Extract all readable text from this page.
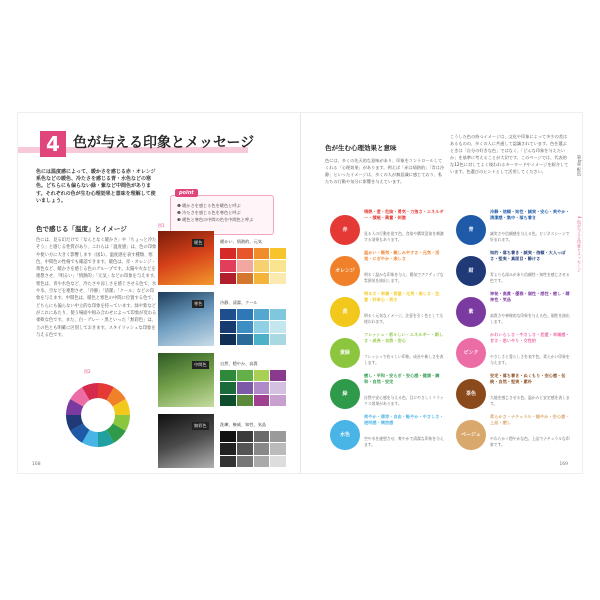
4 色が与える印象とメッセージ
色には温度感によって、暖かさを感じる赤・オレンジ系色などの暖色、冷たさを感じる青・水色などの寒色。どちらにも偏らない緑・紫など中間色があります。それぞれの色が生む心理効果と意味を理解して使いましょう。
point
❶ 暖かさを感じる色を暖色と呼ぶ
❷ 冷たさを感じる色を寒色と呼ぶ
❸ 暖色と寒色の中間の色を中間色と呼ぶ
色で感じる「温度」とイメージ
色には、見る幻だけで「なんとなく暖かさ」や「ちょっと冷たそう」と感じる性質があり、これらは「温度感」は、色の印象や使い方に大きく影響します（図1）。温度感を表す種類、寒色、中間色の性格でも確認できます。暖色は、赤・オレンジ・黄色など、暖かさを感じる色のグループです。太陽や火などを連想させ、「明るい」「情熱的」「元気」などの印象を与えます。寒色は、青や水色など、冷たさや涼しさを感じさせる色で、水や氷、空などを連想させ、「冷静」「清潔」「クール」などの印象を与えます。中間色は、暖色と寒色の中間に位置する色で、どちらにも偏らない中立的な印象を持っています。緑や紫などがこれにあたり、使う場面や組み合わせによって印象が変わる柔軟な色です。また、白・グレー・黒といった「無彩色」は、上の色とも明確に区別しておきます。スタイリッシュな印象を与える色です。
図2
図1
暖色	暖かい、情熱的、元気
寒色	冷静、清潔、クール
中間色	自然、穏やか、高貴
無彩色	洗練、権威、知性、気品
168
こうした色の持つイメージは、文化や印象によって多少の差はあるものの、多くの人に共通して認識されています。色を選ぶときは「自分の好きな色」ではなく、「どんな印象を与えたいか」を基準に考えることが大切です。このページでは、代表的な12色に対してよく使われるキーワードやイメージを紹介しています。色選びのヒントとして活用してください。
色が生む心理効果と意味
色には、多くの先天的な意味があり、印象をコントロールしてくれる「心理効果」があります。例えば「赤は情熱的」「青は冷静」といったイメージは、多くの人が無意識に感じており、私たちの行動や気分に影響を与えています。
第4章 配色
4 色が与える印象とメッセージ
赤
情熱・愛・危険・勇気・力強さ・エネルギー・積極・興奮・刺激
見る人の行動を促す色。食欲や購買意欲を刺激する効果もあります。
青
冷静・信頼・知性・誠実・安心・爽やか・清潔感・集中・落ち着き
誠実さや信頼感を与える色。ビジネスシーンで好まれます。
オレンジ
温かい・陽気・親しみやすさ・元気・活発・にぎやか・楽しさ
明るく温かな印象を与え、陽気でアクティブな雰囲気を演出します。
紺
知的・落ち着き・誠実・信頼・大人っぽさ・堅実・真面目・静けさ
青よりも深みがあり信頼性・知性を感じさせる色です。
黄
明るさ・幸福・希望・元気・楽しさ・注意・好奇心・若さ
明るく元気なイメージ。注意を引く色としても使われます。
紫
神秘・高貴・優雅・個性・感性・癒し・精神性・気品
高貴さや神秘的な印象を与える色。個性を演出します。
黄緑
フレッシュ・若々しい・エネルギー・新しさ・成長・自然・安心
フレッシュで若々しい印象。成長や新しさを表します。
ピンク
かわいらしさ・やさしさ・恋愛・幸福感・甘さ・思いやり・女性的
やさしさと愛らしさを表す色。柔らかい印象を与えます。
緑
癒し・平和・安らぎ・安心感・健康・調和・自然・安定
自然や安心感を与える色。目にやさしくリラックス効果があります。
茶色
安定・落ち着き・ぬくもり・安心感・伝統・自然・堅実・素朴
大地を感じさせる色。温かみと安定感を表します。
水色
爽やか・清涼・自由・軽やか・やさしさ・透明感・開放感
空や水を連想させ、爽やかで清潔な印象を与えます。
ベージュ
柔らかさ・ナチュラル・穏やか・安心感・上品・癒し
やわらかく穏やかな色。上品でナチュラルな印象です。
169
